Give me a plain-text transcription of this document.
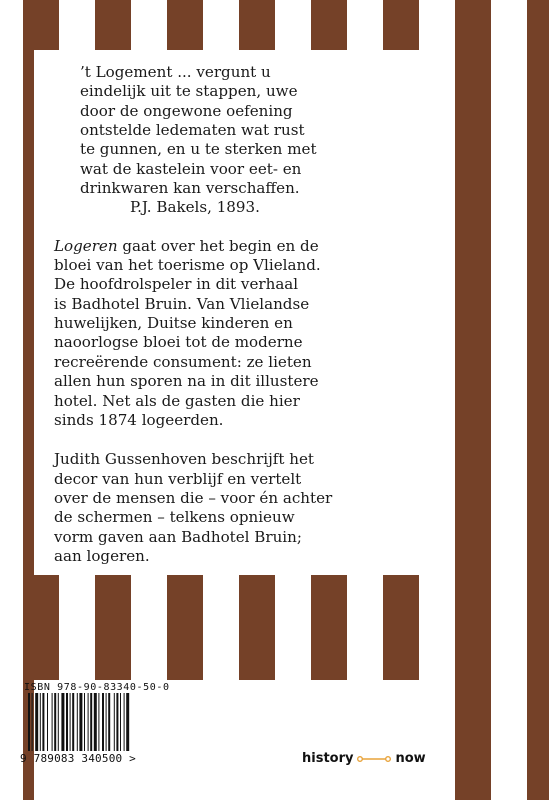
’t Logement ... vergunt u
eindelijk uit te stappen, uwe
door de ongewone oefening
ontstelde ledematen wat rust
te gunnen, en u te sterken met
wat de kastelein voor eet- en
drinkwaren kan verschaffen.
P.J. Bakels, 1893.

Logeren gaat over het begin en de
bloei van het toerisme op Vlieland.
De hoofdrolspeler in dit verhaal
is Badhotel Bruin. Van Vlielandse
huwelijken, Duitse kinderen en
naoorlogse bloei tot de moderne
recreërende consument: ze lieten
allen hun sporen na in dit illustere
hotel. Net als de gasten die hier
sinds 1874 logeerden.

Judith Gussenhoven beschrijft het
decor van hun verblijf en vertelt
over de mensen die – voor én achter
de schermen – telkens opnieuw
vorm gaven aan Badhotel Bruin;
aan logeren.

ISBN 978-90-83340-50-0
9 789083 340500 >	history	now
